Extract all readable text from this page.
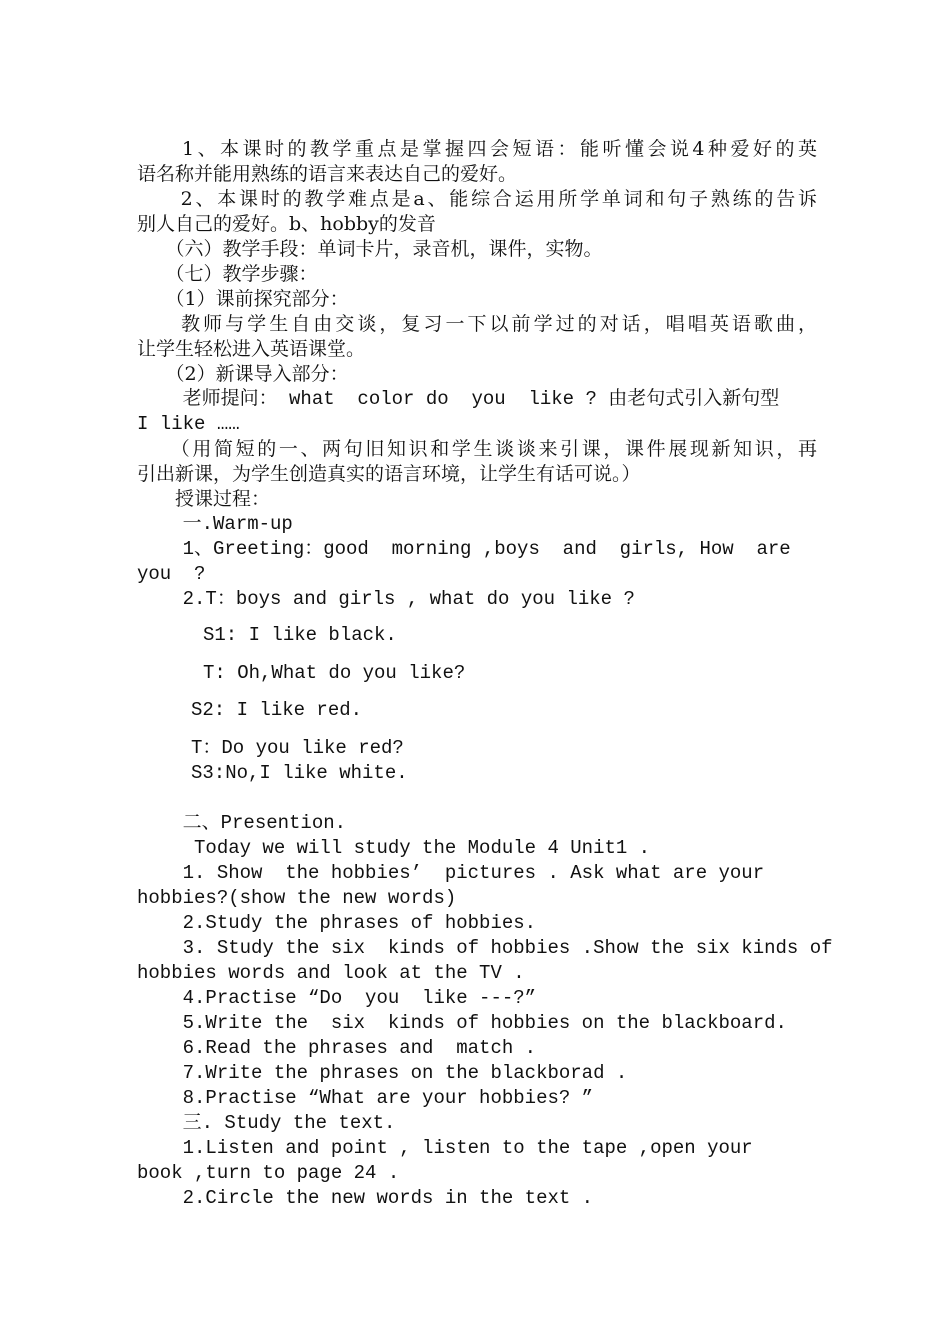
　　1、本课时的教学重点是掌握四会短语：能听懂会说4种爱好的英
语名称并能用熟练的语言来表达自己的爱好。
　　2、本课时的教学难点是a、能综合运用所学单词和句子熟练的告诉
别人自己的爱好。b、hobby的发音
　　（六）教学手段：单词卡片，录音机，课件，实物。
　　（七）教学步骤：
　　（1）课前探究部分：
　　教师与学生自由交谈，复习一下以前学过的对话，唱唱英语歌曲，
让学生轻松进入英语课堂。
　　（2）新课导入部分：
老师提问： what  color do  you  like ? 由老句式引入新句型
I like ……
　　（用简短的一、两句旧知识和学生谈谈来引课，课件展现新知识，再
引出新课，为学生创造真实的语言环境，让学生有话可说。）
　　授课过程：
一.Warm-up
1、Greeting：good  morning ,boys  and  girls, How  are
you  ?
2.T：boys and girls , what do you like ?
S1: I like black.
T: Oh,What do you like?
S2: I like red.
T：Do you like red?
S3:No,I like white.
二、Presention.
Today we will study the Module 4 Unit1 .
1. Show  the hobbies’  pictures . Ask what are your
hobbies?(show the new words)
2.Study the phrases of hobbies.
3. Study the six  kinds of hobbies .Show the six kinds of
hobbies words and look at the TV .
4.Practise “Do  you  like ---?”
5.Write the  six  kinds of hobbies on the blackboard.
6.Read the phrases and  match .
7.Write the phrases on the blackborad .
8.Practise “What are your hobbies? ”
三. Study the text.
1.Listen and point , listen to the tape ,open your
book ,turn to page 24 .
2.Circle the new words in the text .
